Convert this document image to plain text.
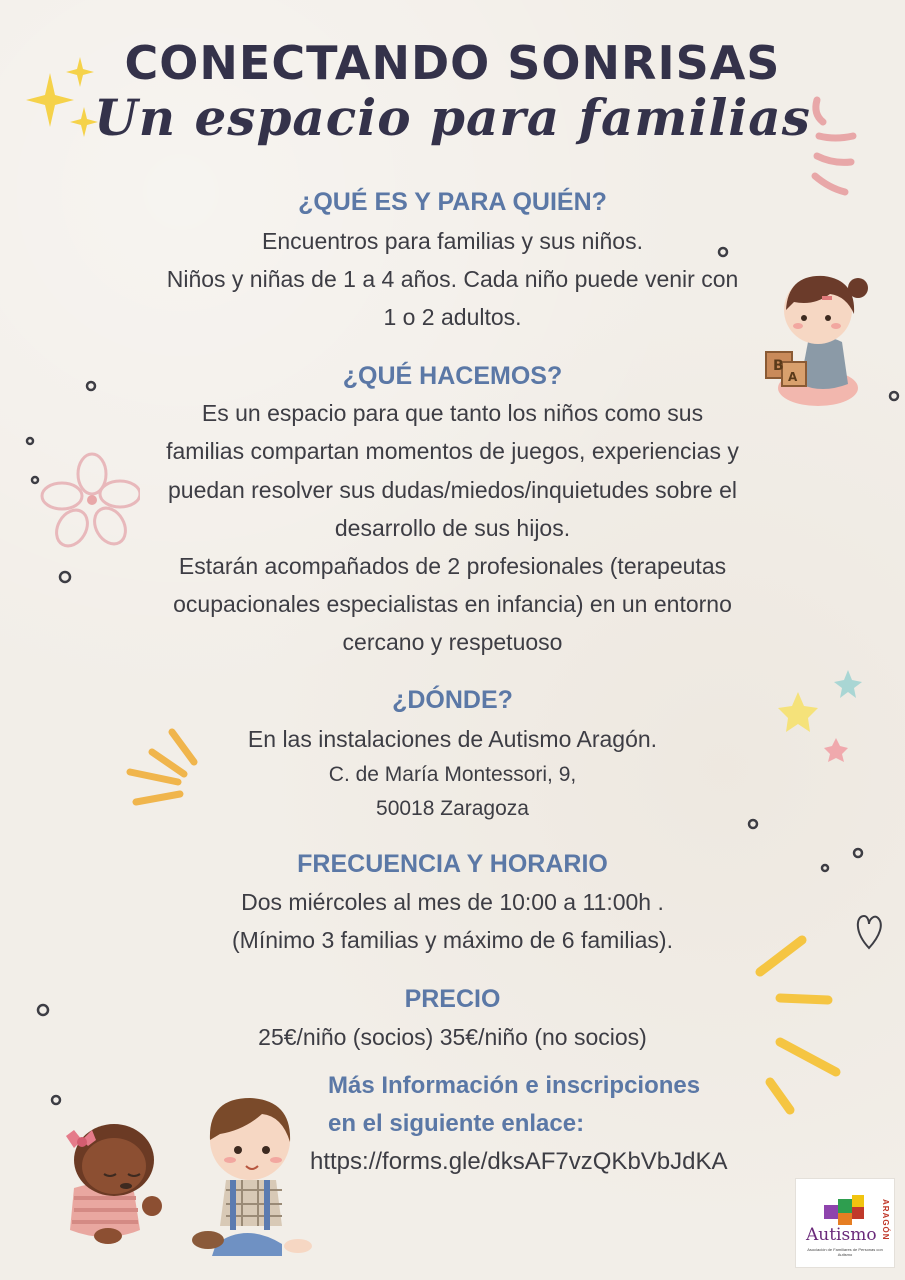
B
A
CONECTANDO SONRISAS
Un espacio para familias
¿QUÉ ES Y PARA QUIÉN?

Encuentros para familias y sus niños.

Niños y niñas de 1 a 4 años. Cada niño puede venir con

1 o 2 adultos.

¿QUÉ HACEMOS?

Es un espacio para que tanto los niños como sus

familias compartan momentos de juegos, experiencias y

puedan resolver sus dudas/miedos/inquietudes sobre el

desarrollo de sus hijos.

Estarán acompañados de 2 profesionales (terapeutas

ocupacionales especialistas en infancia) en un entorno

cercano y respetuoso

¿DÓNDE?

En las instalaciones de Autismo Aragón.

C. de María Montessori, 9,

50018 Zaragoza

FRECUENCIA Y HORARIO

Dos miércoles al mes de 10:00 a 11:00h .

(Mínimo 3 familias y máximo de 6 familias).

PRECIO

25€/niño (socios) 35€/niño (no socios)

Más Información e inscripciones

en el siguiente enlace:

https://forms.gle/dksAF7vzQKbVbJdKA

Autismo ARAGÓN
Asociación de Familiares de Personas con Autismo
